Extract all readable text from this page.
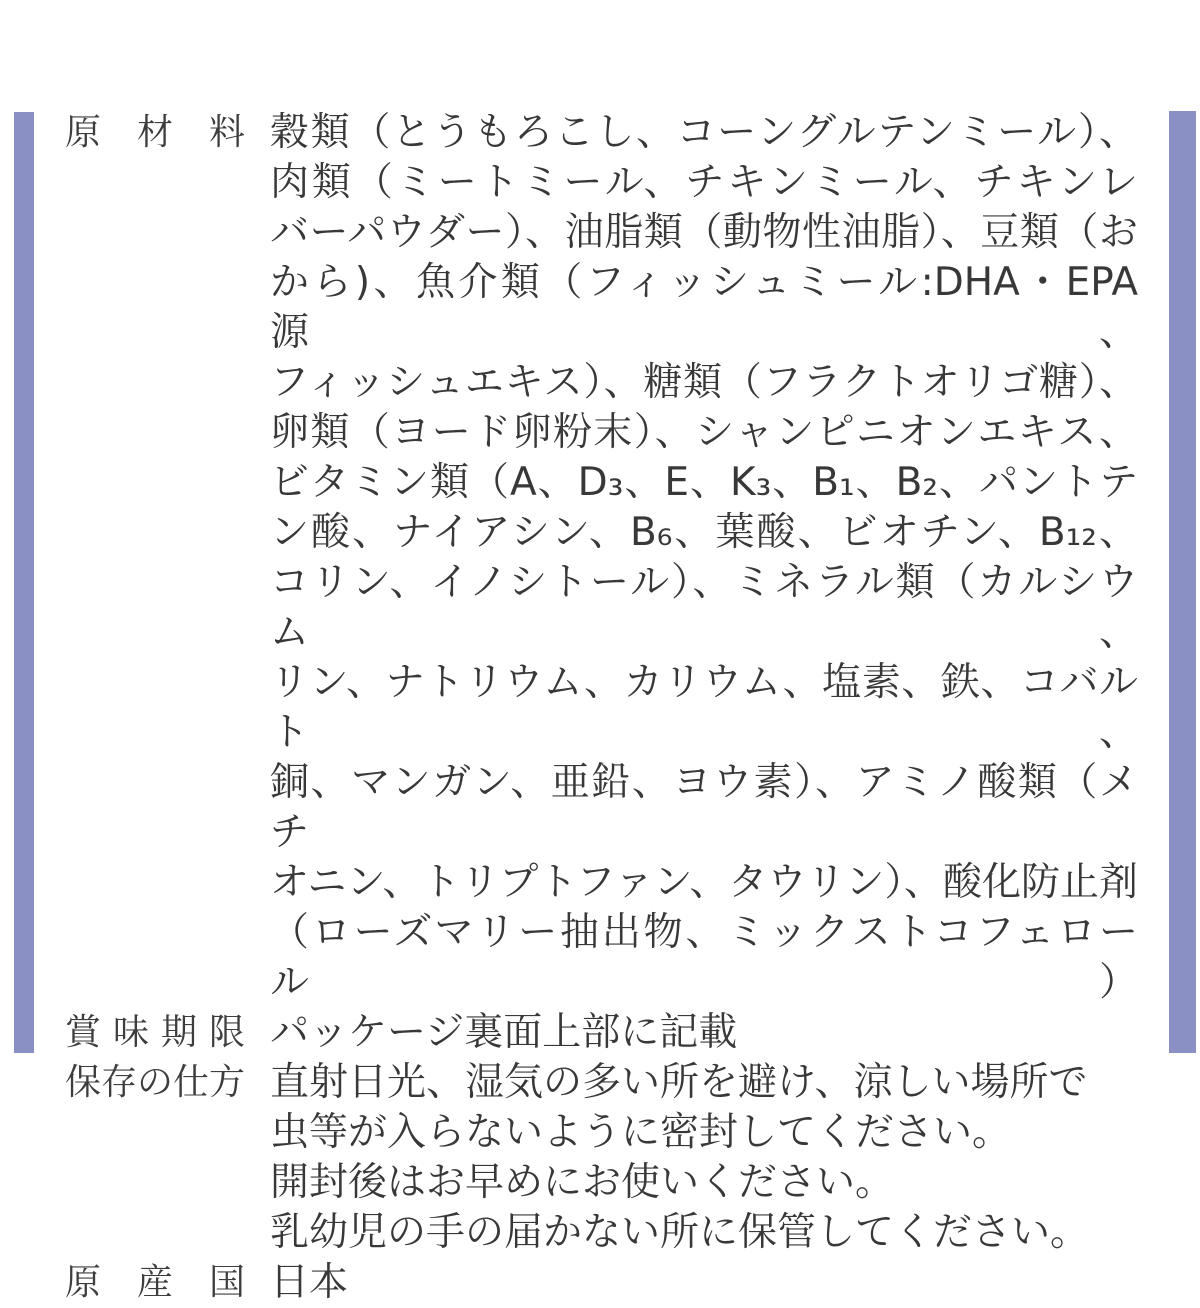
原材料 穀類（とうもろこし、コーングルテンミール）、
肉類（ミートミール、チキンミール、チキンレ
バーパウダー）、油脂類（動物性油脂）、豆類（お
から)、魚介類（フィッシュミール:DHA・EPA源、
フィッシュエキス）、糖類（フラクトオリゴ糖）、
卵類（ヨード卵粉末）、シャンピニオンエキス、
ビタミン類（A、D₃、E、K₃、B₁、B₂、パントテ
ン酸、ナイアシン、B₆、葉酸、ビオチン、B₁₂、
コリン、イノシトール）、ミネラル類（カルシウム、
リン、ナトリウム、カリウム、塩素、鉄、コバルト、
銅、マンガン、亜鉛、ヨウ素）、アミノ酸類（メチ
オニン、トリプトファン、タウリン）、酸化防止剤
（ローズマリー抽出物、ミックストコフェロール）
賞味期限 パッケージ裏面上部に記載
保存の仕方 直射日光、湿気の多い所を避け、涼しい場所で
虫等が入らないように密封してください。
開封後はお早めにお使いください。
乳幼児の手の届かない所に保管してください。
原産国 日本
